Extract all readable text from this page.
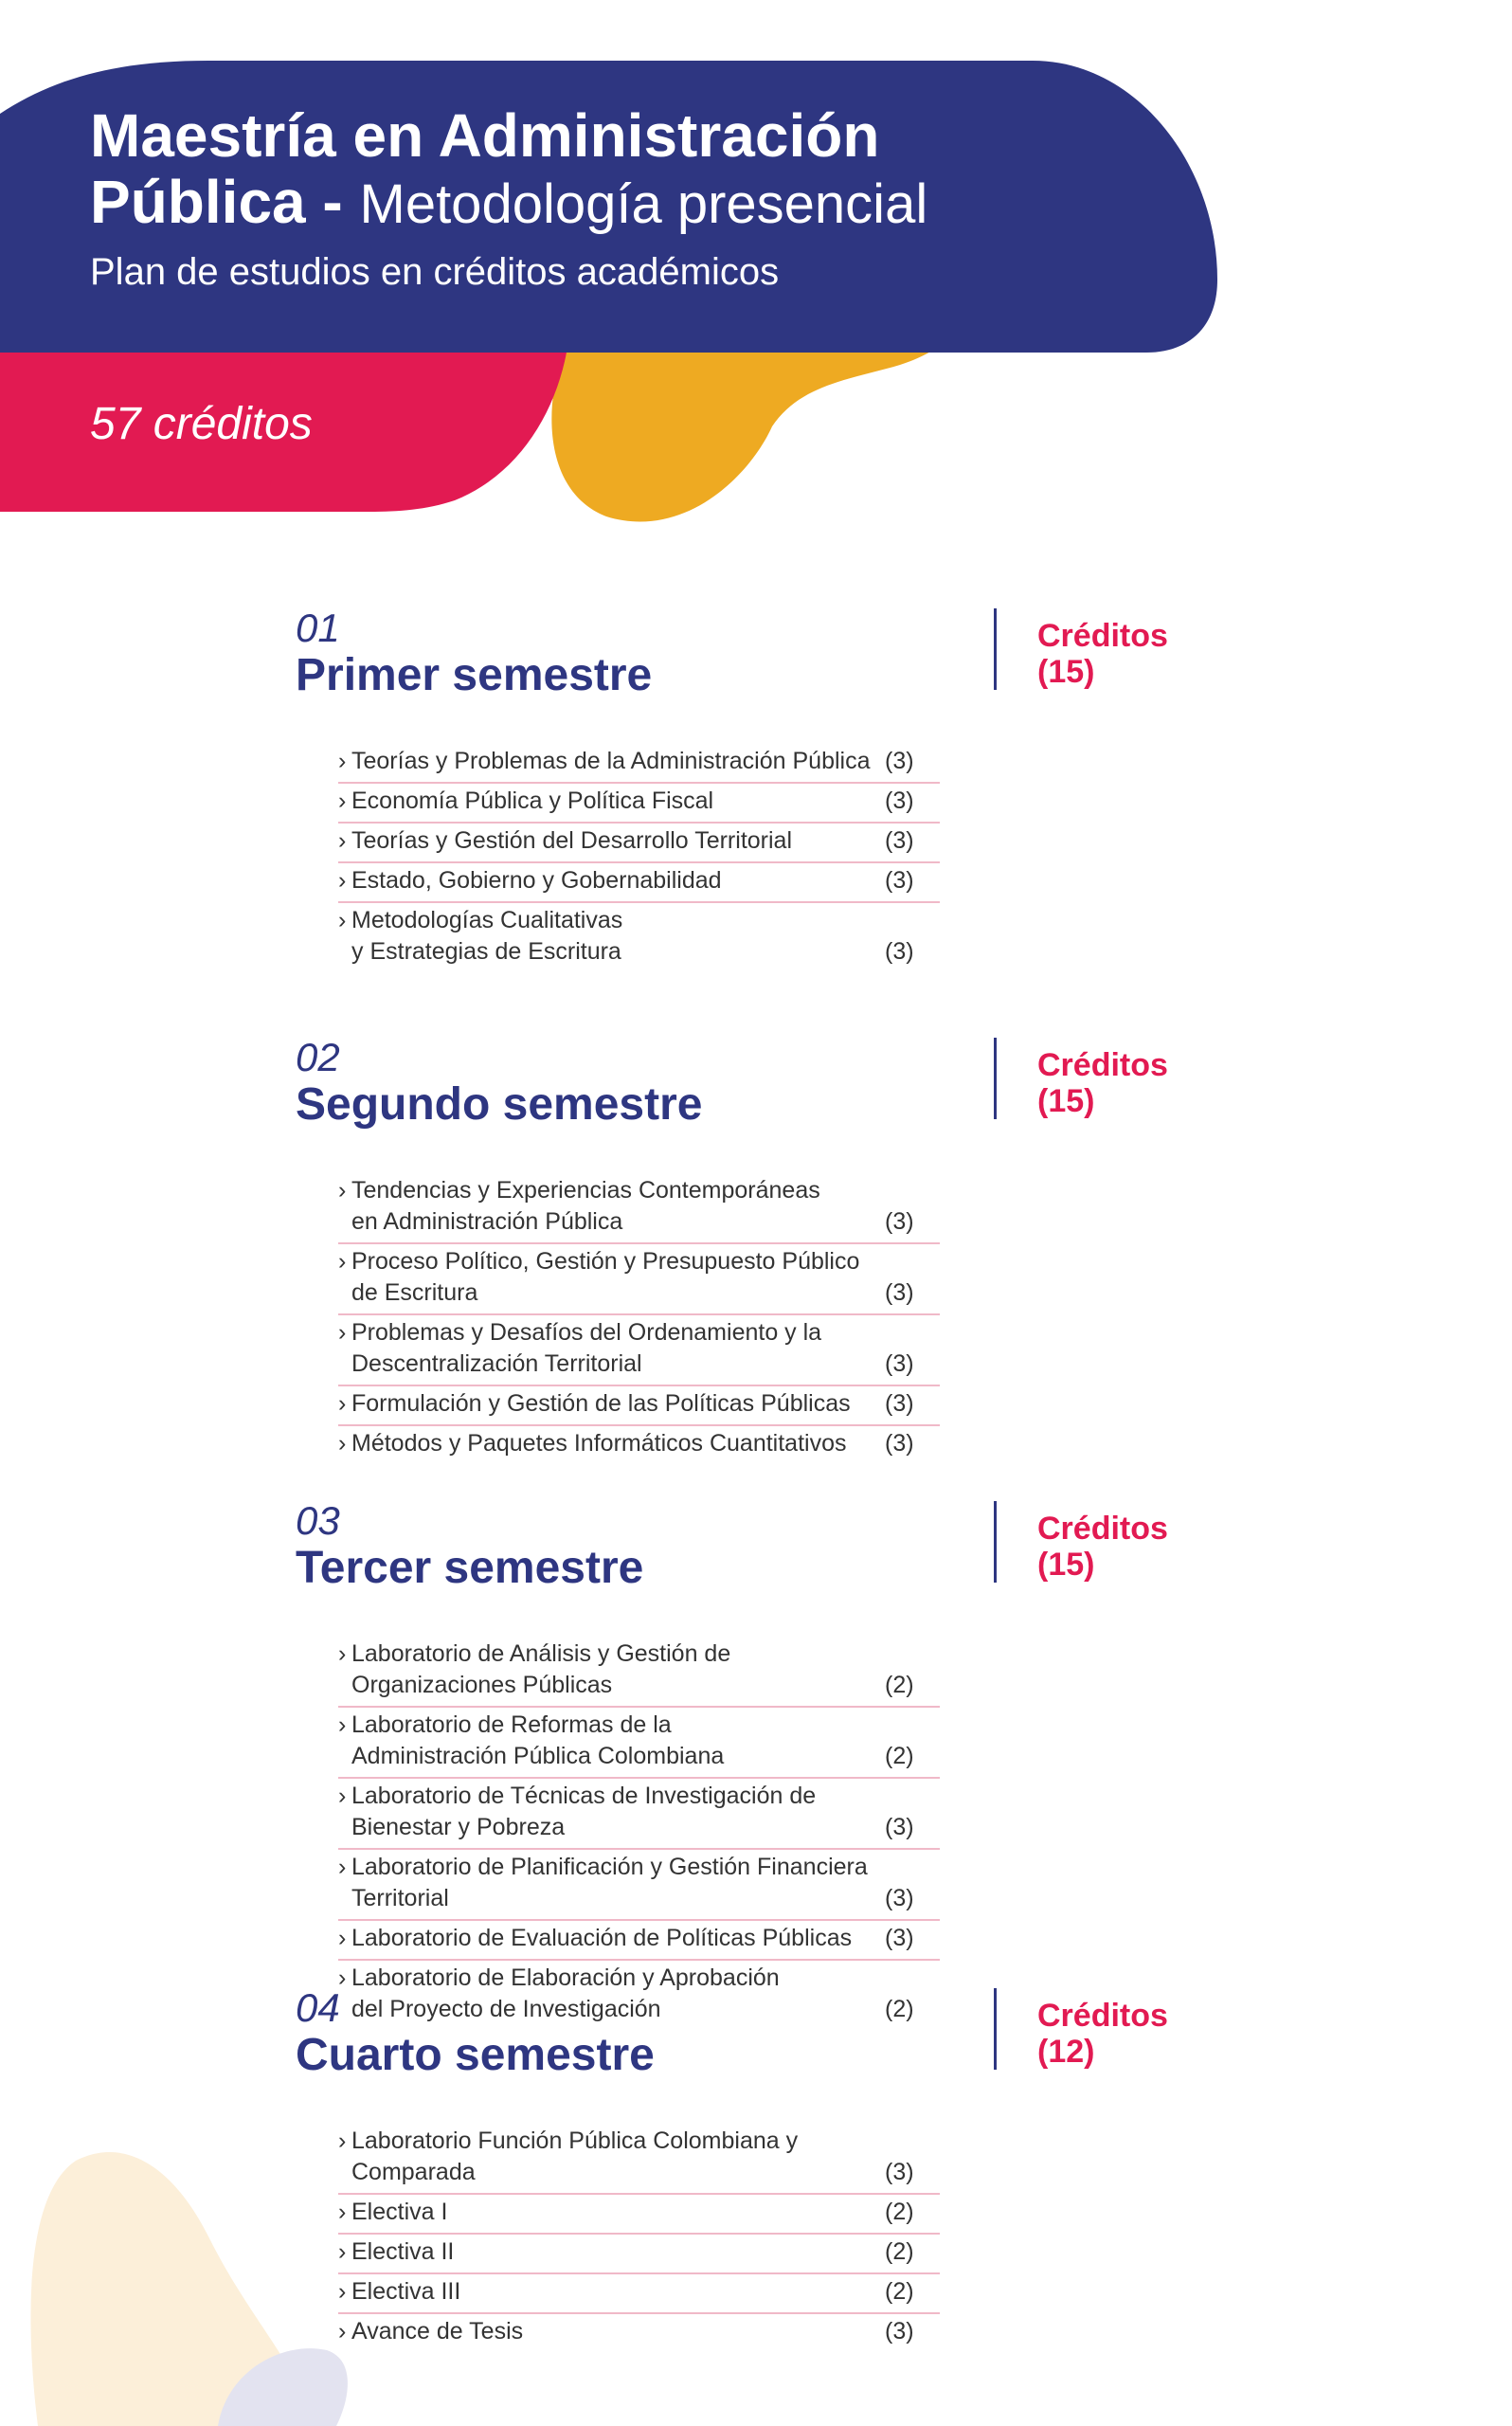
Maestría en Administración
Pública - Metodología presencial
Plan de estudios en créditos académicos
57 créditos
01
Primer semestre
Créditos
(15)
› Teorías y Problemas de la Administración Pública (3)
› Economía Pública y Política Fiscal	(3)
› Teorías y Gestión del Desarrollo Territorial	(3)
› Estado, Gobierno y Gobernabilidad	(3)
› Metodologías Cualitativas
y Estrategias de Escritura	(3)
02
Segundo semestre
Créditos
(15)
› Tendencias y Experiencias Contemporáneas
en Administración Pública	(3)
› Proceso Político, Gestión y Presupuesto Público de Escritura	(3)
› Problemas y Desafíos del Ordenamiento y la
Descentralización Territorial	(3)
› Formulación y Gestión de las Políticas Públicas (3)
› Métodos y Paquetes Informáticos Cuantitativos (3)
03
Tercer semestre
Créditos
(15)
› Laboratorio de Análisis y Gestión de Organizaciones Públicas	(2)
› Laboratorio de Reformas de la
Administración Pública Colombiana	(2)
› Laboratorio de Técnicas de Investigación de Bienestar y Pobreza	(3)
› Laboratorio de Planificación y Gestión Financiera Territorial	(3)
› Laboratorio de Evaluación de Políticas Públicas (3)
› Laboratorio de Elaboración y Aprobación
del Proyecto de Investigación	(2)
04
Cuarto semestre
Créditos
(12)
› Laboratorio Función Pública Colombiana y Comparada	(3)
› Electiva I	(2)
› Electiva II	(2)
› Electiva III	(2)
› Avance de Tesis	(3)
